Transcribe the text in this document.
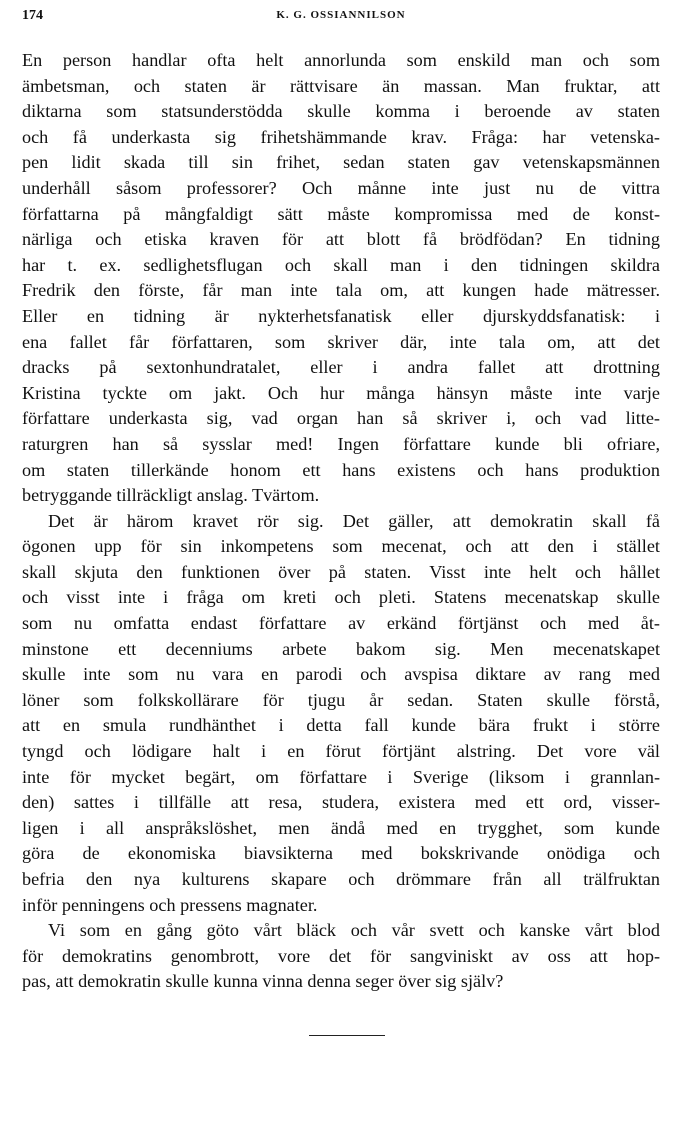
174	K. G. OSSIANNILSON
En person handlar ofta helt annorlunda som enskild man och som
ämbetsman, och staten är rättvisare än massan. Man fruktar, att
diktarna som statsunderstödda skulle komma i beroende av staten
och få underkasta sig frihetshämmande krav. Fråga: har vetenska-
pen lidit skada till sin frihet, sedan staten gav vetenskapsmännen
underhåll såsom professorer? Och månne inte just nu de vittra
författarna på mångfaldigt sätt måste kompromissa med de konst-
närliga och etiska kraven för att blott få brödfödan? En tidning
har t. ex. sedlighetsflugan och skall man i den tidningen skildra
Fredrik den förste, får man inte tala om, att kungen hade mätresser.
Eller en tidning är nykterhetsfanatisk eller djurskyddsfanatisk: i
ena fallet får författaren, som skriver där, inte tala om, att det
dracks på sextonhundratalet, eller i andra fallet att drottning
Kristina tyckte om jakt. Och hur många hänsyn måste inte varje
författare underkasta sig, vad organ han så skriver i, och vad litte-
raturgren han så sysslar med! Ingen författare kunde bli ofriare,
om staten tillerkände honom ett hans existens och hans produktion
betryggande tillräckligt anslag. Tvärtom.
Det är härom kravet rör sig. Det gäller, att demokratin skall få
ögonen upp för sin inkompetens som mecenat, och att den i stället
skall skjuta den funktionen över på staten. Visst inte helt och hållet
och visst inte i fråga om kreti och pleti. Statens mecenatskap skulle
som nu omfatta endast författare av erkänd förtjänst och med åt-
minstone ett decenniums arbete bakom sig. Men mecenatskapet
skulle inte som nu vara en parodi och avspisa diktare av rang med
löner som folkskollärare för tjugu år sedan. Staten skulle förstå,
att en smula rundhänthet i detta fall kunde bära frukt i större
tyngd och lödigare halt i en förut förtjänt alstring. Det vore väl
inte för mycket begärt, om författare i Sverige (liksom i grannlan-
den) sattes i tillfälle att resa, studera, existera med ett ord, visser-
ligen i all anspråkslöshet, men ändå med en trygghet, som kunde
göra de ekonomiska biavsikterna med bokskrivande onödiga och
befria den nya kulturens skapare och drömmare från all trälfruktan
inför penningens och pressens magnater.
Vi som en gång göto vårt bläck och vår svett och kanske vårt blod
för demokratins genombrott, vore det för sangviniskt av oss att hop-
pas, att demokratin skulle kunna vinna denna seger över sig själv?
